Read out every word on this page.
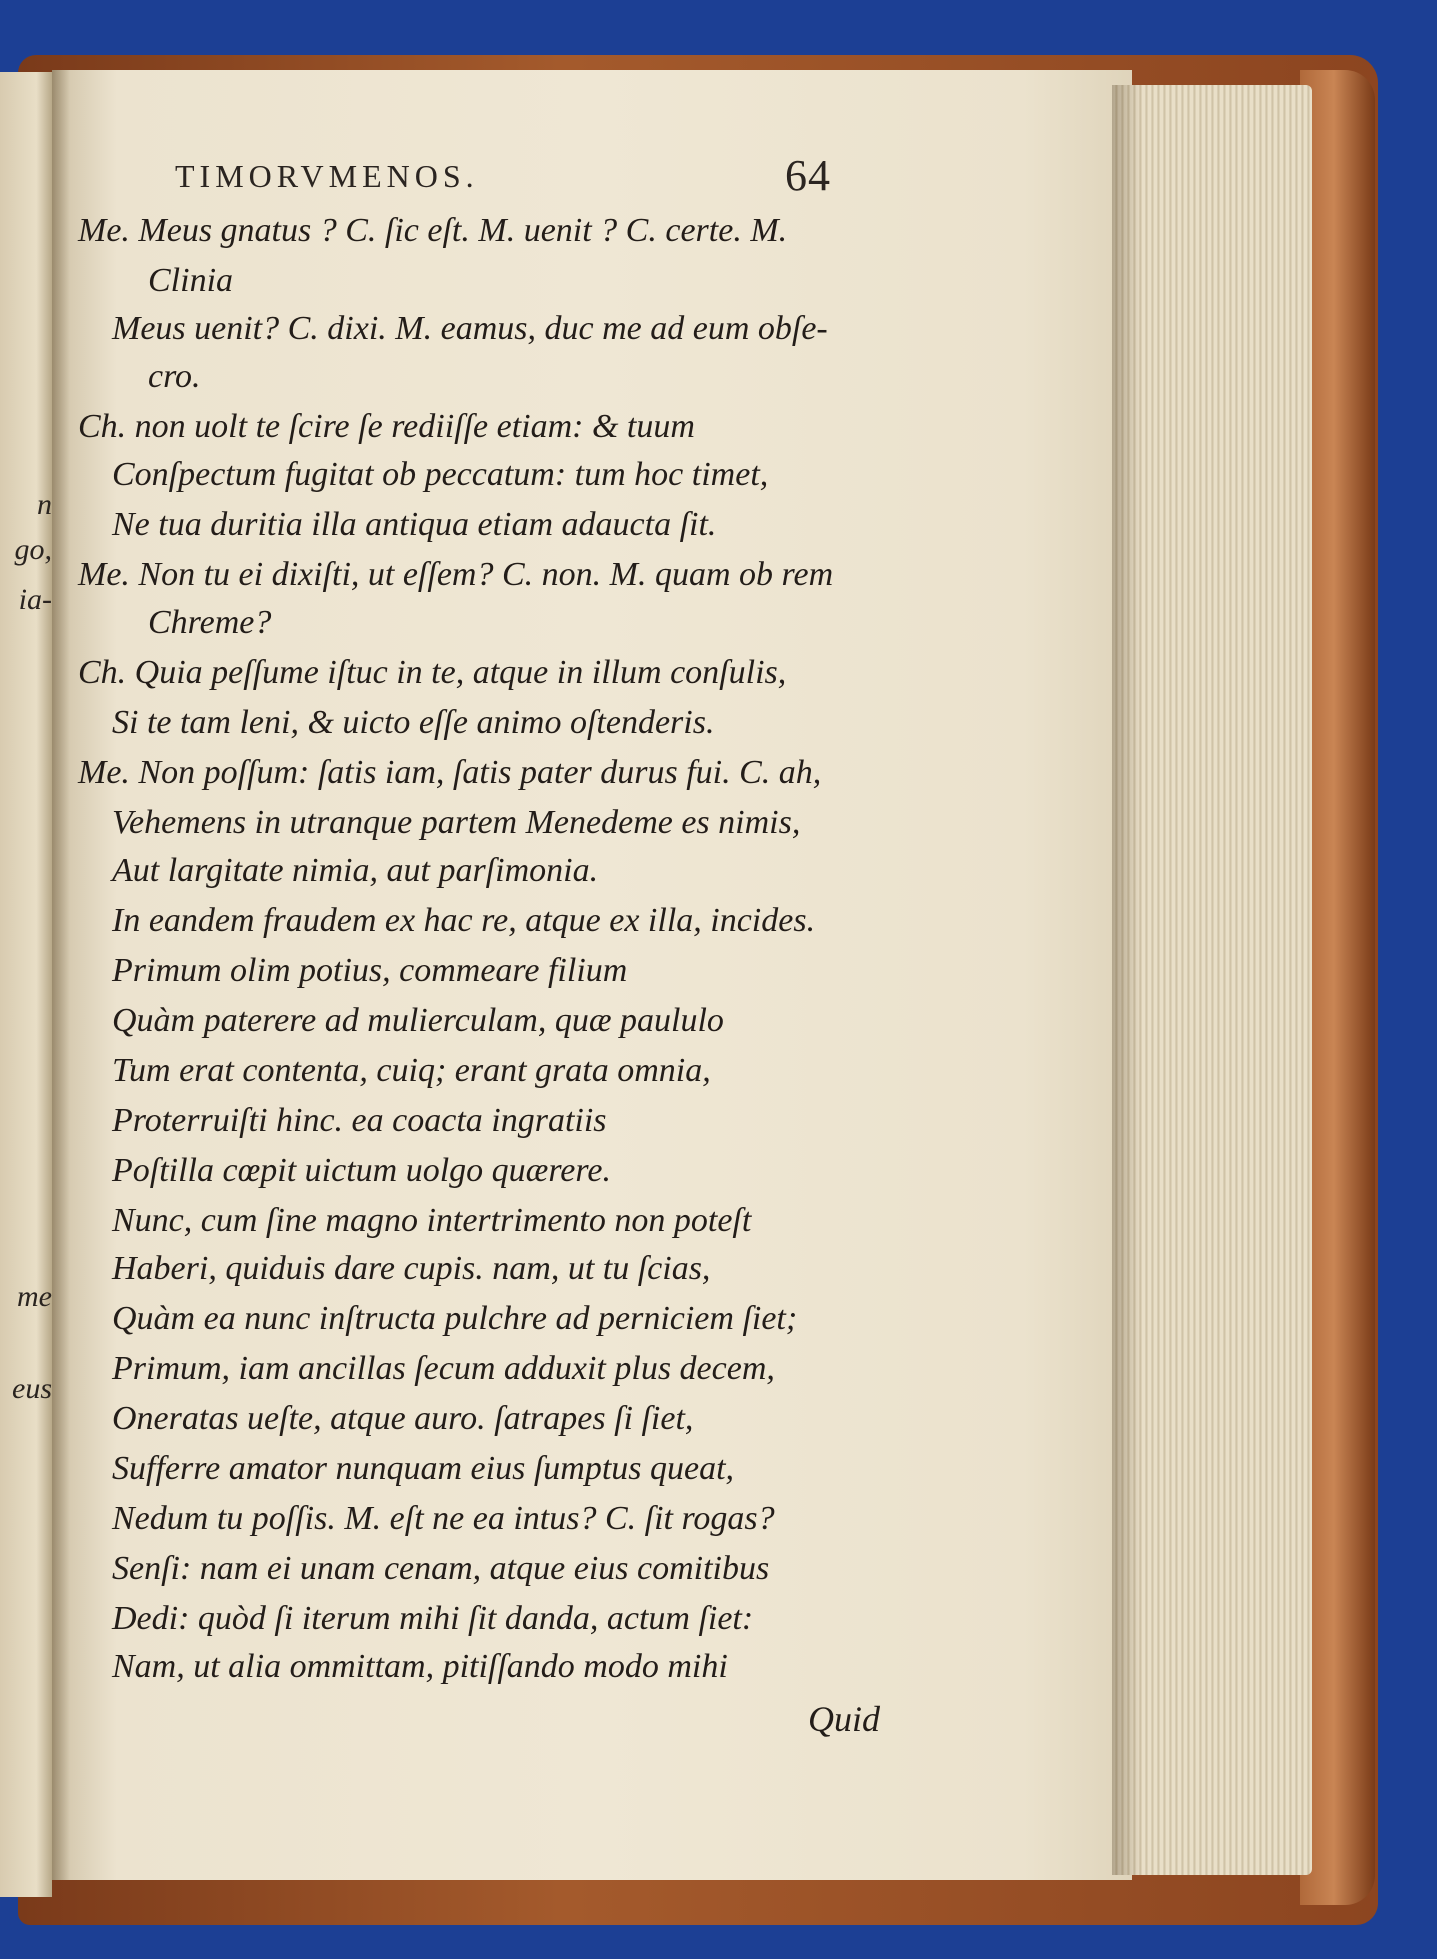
n
go,
ia-
me
eus
TIMORVMENOS.	64
Me. Meus gnatus ? C. ſic eſt. M. uenit ? C. certe. M.
Clinia
Meus uenit? C. dixi. M. eamus, duc me ad eum obſe-
cro.
Ch. non uolt te ſcire ſe rediiſſe etiam: & tuum
Conſpectum fugitat ob peccatum: tum hoc timet,
Ne tua duritia illa antiqua etiam adaucta ſit.
Me. Non tu ei dixiſti, ut eſſem? C. non. M. quam ob rem
Chreme?
Ch. Quia peſſume iſtuc in te, atque in illum conſulis,
Si te tam leni, & uicto eſſe animo oſtenderis.
Me. Non poſſum: ſatis iam, ſatis pater durus fui. C. ah,
Vehemens in utranque partem Menedeme es nimis,
Aut largitate nimia, aut parſimonia.
In eandem fraudem ex hac re, atque ex illa, incides.
Primum olim potius, commeare filium
Quàm paterere ad mulierculam, quæ paululo
Tum erat contenta, cuiq; erant grata omnia,
Proterruiſti hinc. ea coacta ingratiis
Poſtilla cœpit uictum uolgo quærere.
Nunc, cum ſine magno intertrimento non poteſt
Haberi, quiduis dare cupis. nam, ut tu ſcias,
Quàm ea nunc inſtructa pulchre ad perniciem ſiet;
Primum, iam ancillas ſecum adduxit plus decem,
Oneratas ueſte, atque auro. ſatrapes ſi ſiet,
Sufferre amator nunquam eius ſumptus queat,
Nedum tu poſſis. M. eſt ne ea intus? C. ſit rogas?
Senſi: nam ei unam cenam, atque eius comitibus
Dedi: quòd ſi iterum mihi ſit danda, actum ſiet:
Nam, ut alia ommittam, pitiſſando modo mihi
Quid
